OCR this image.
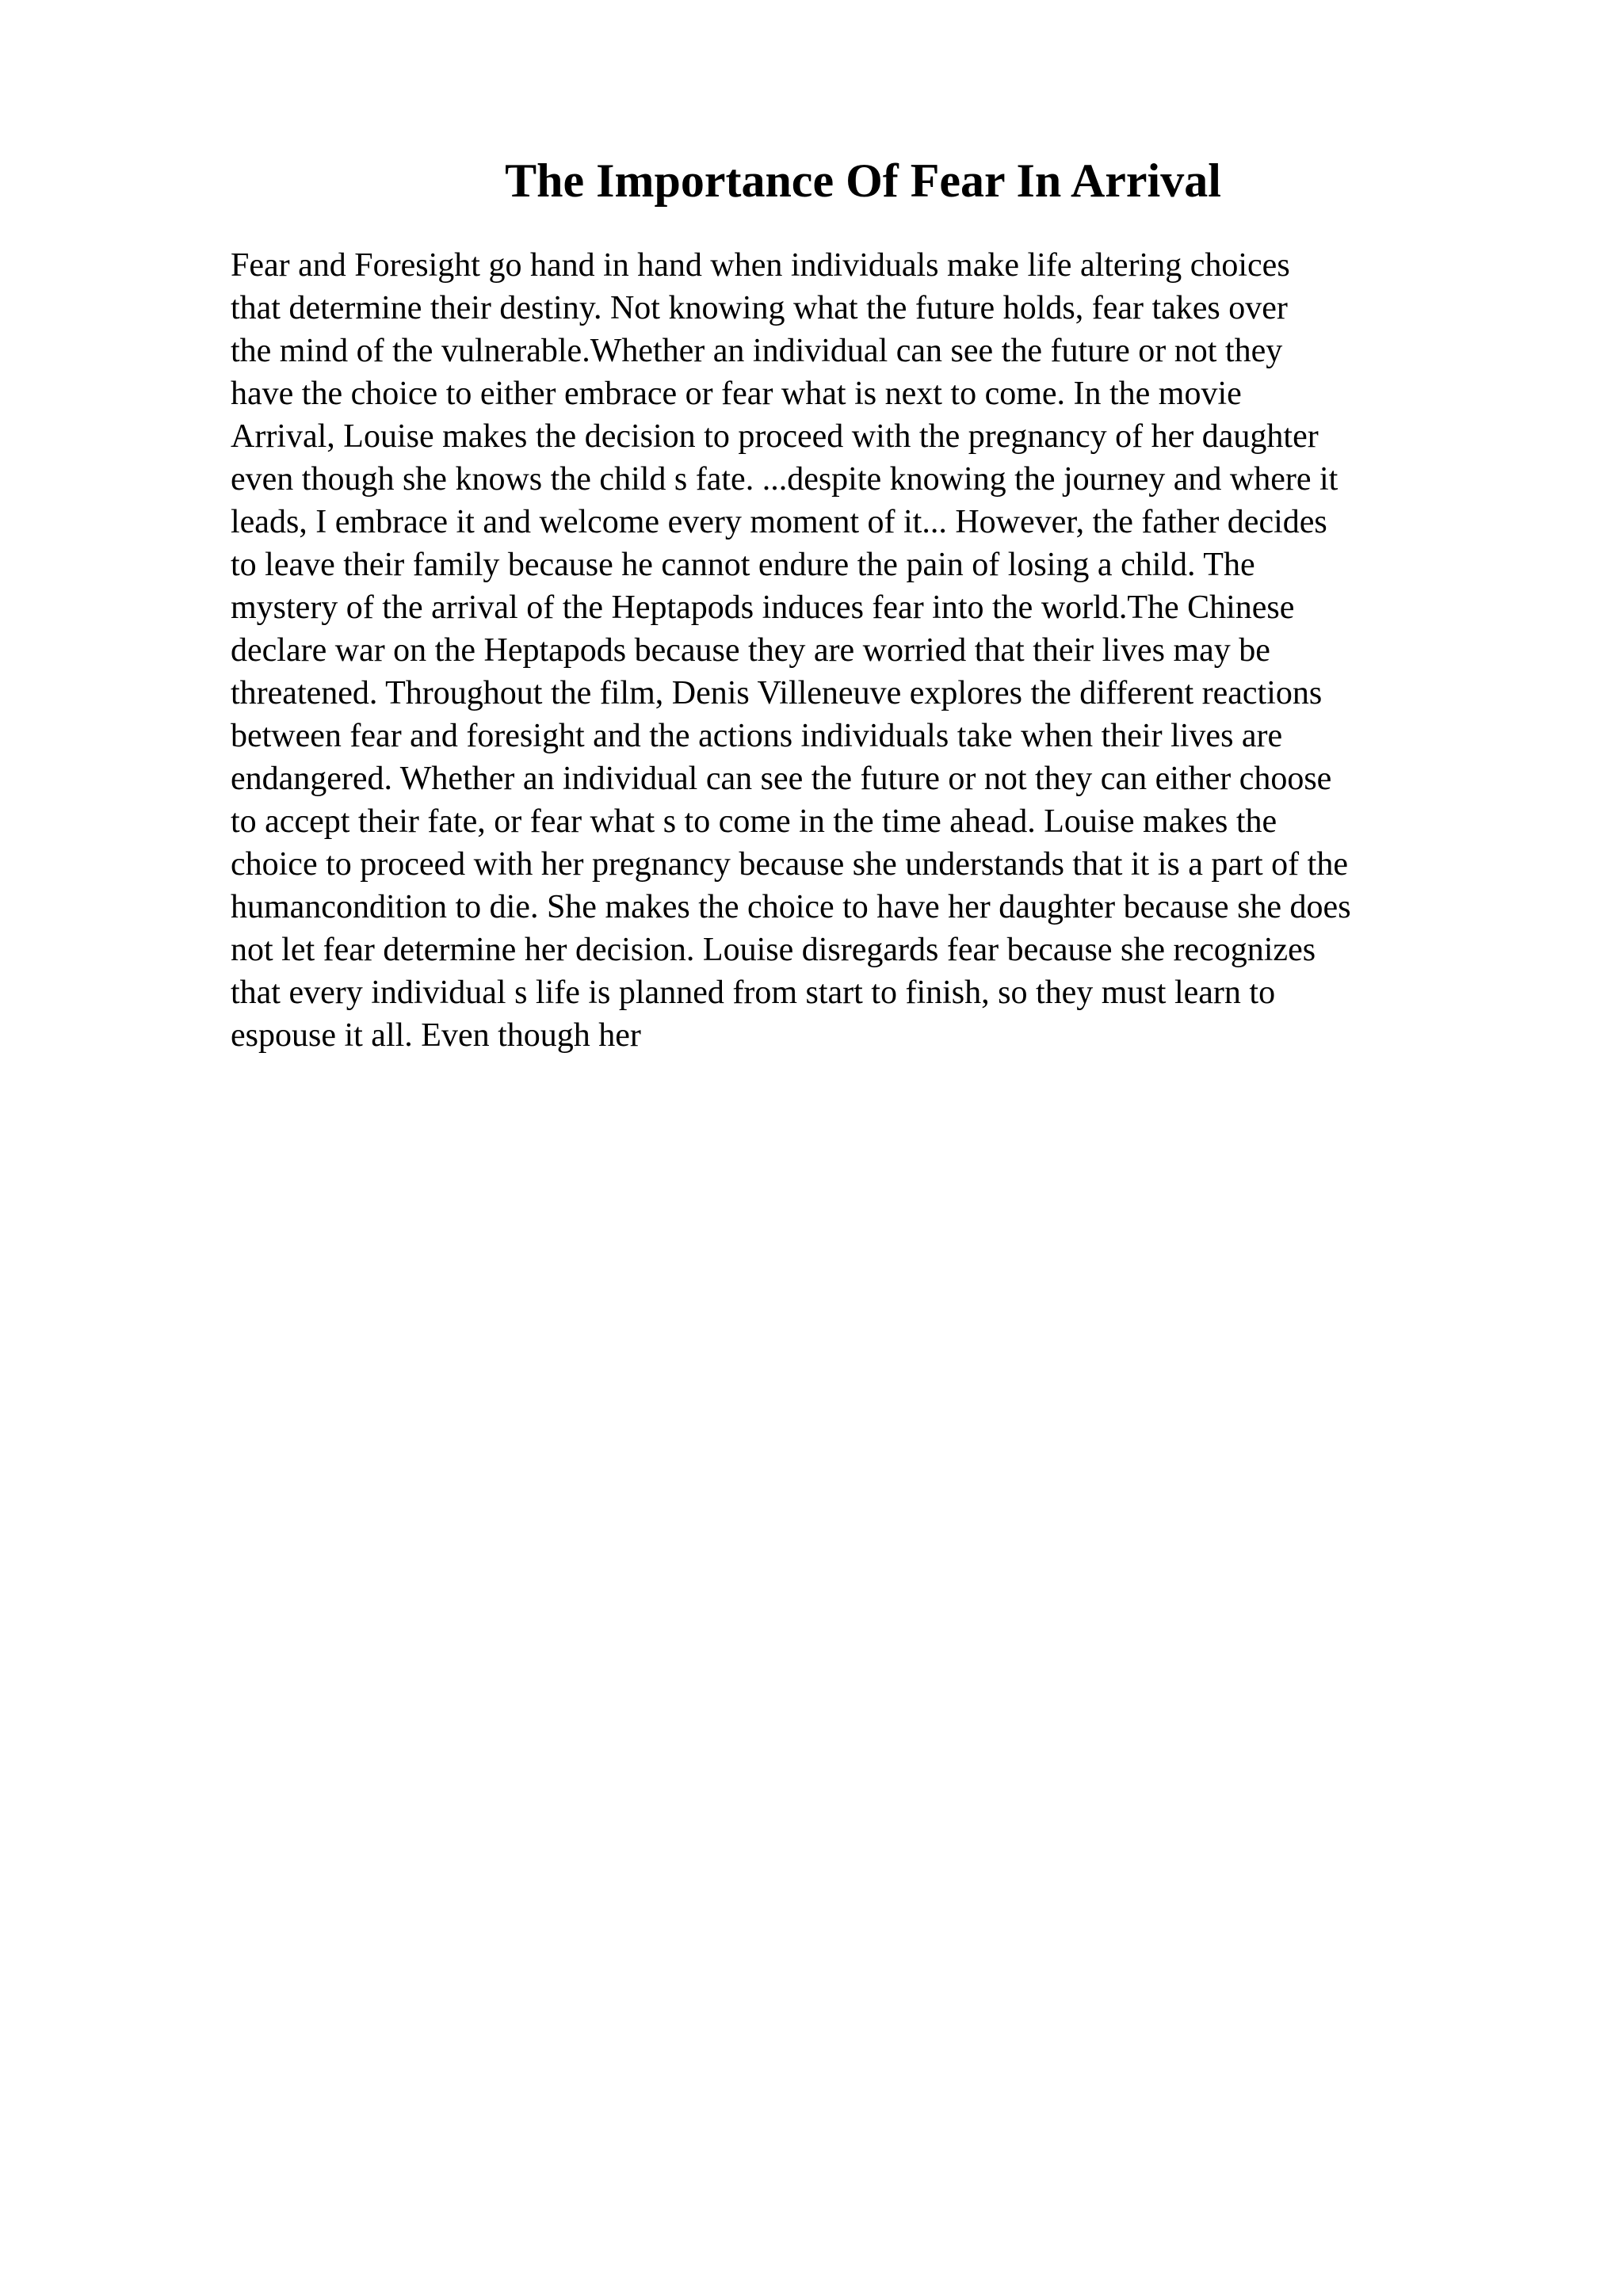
The Importance Of Fear In Arrival
Fear and Foresight go hand in hand when individuals make life altering choices
that determine their destiny. Not knowing what the future holds, fear takes over
the mind of the vulnerable.Whether an individual can see the future or not they
have the choice to either embrace or fear what is next to come. In the movie
Arrival, Louise makes the decision to proceed with the pregnancy of her daughter
even though she knows the child s fate. ...despite knowing the journey and where it
leads, I embrace it and welcome every moment of it... However, the father decides
to leave their family because he cannot endure the pain of losing a child. The
mystery of the arrival of the Heptapods induces fear into the world.The Chinese
declare war on the Heptapods because they are worried that their lives may be
threatened. Throughout the film, Denis Villeneuve explores the different reactions
between fear and foresight and the actions individuals take when their lives are
endangered. Whether an individual can see the future or not they can either choose
to accept their fate, or fear what s to come in the time ahead. Louise makes the
choice to proceed with her pregnancy because she understands that it is a part of the
humancondition to die. She makes the choice to have her daughter because she does
not let fear determine her decision. Louise disregards fear because she recognizes
that every individual s life is planned from start to finish, so they must learn to
espouse it all. Even though her
